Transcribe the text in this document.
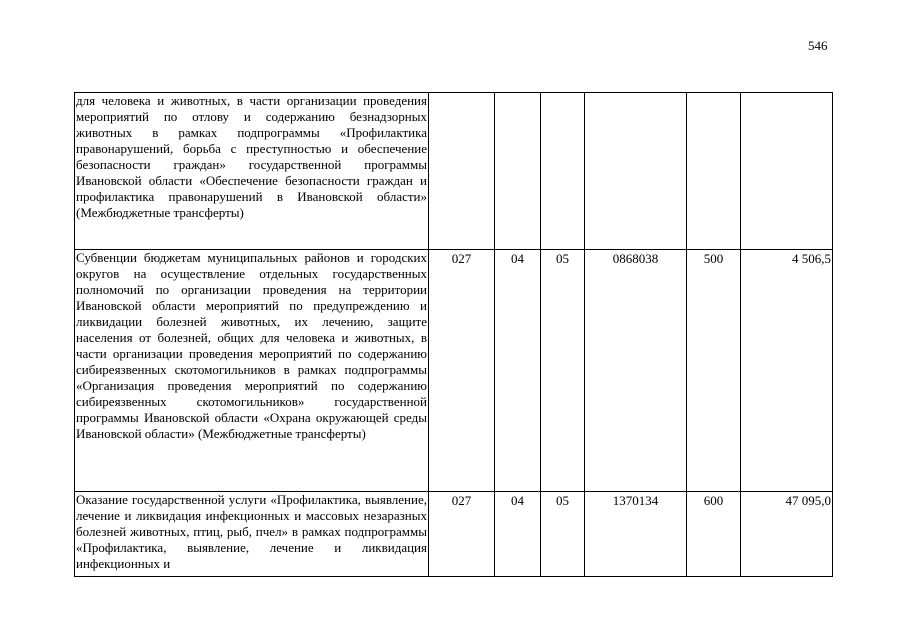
546
для человека и животных, в части организации проведения мероприятий по отлову и содержанию безнадзорных животных в рамках подпрограммы «Профилактика правонарушений, борьба с преступностью и обеспечение безопасности граждан» государственной программы Ивановской области «Обеспечение безопасности граждан и профилактика правонарушений в Ивановской области» (Межбюджетные трансферты)						
Субвенции бюджетам муниципальных районов и городских округов на осуществление отдельных государственных полномочий по организации проведения на территории Ивановской области мероприятий по предупреждению и ликвидации болезней животных, их лечению, защите населения от болезней, общих для человека и животных, в части организации проведения мероприятий по содержанию сибиреязвенных скотомогильников в рамках подпрограммы «Организация проведения мероприятий по содержанию сибиреязвенных скотомогильников» государственной программы Ивановской области «Охрана окружающей среды Ивановской области» (Межбюджетные трансферты)	027	04	05	0868038	500	4 506,5
Оказание государственной услуги «Профилактика, выявление, лечение и ликвидация инфекционных и массовых незаразных болезней животных, птиц, рыб, пчел» в рамках подпрограммы «Профилактика, выявление, лечение и ликвидация инфекционных и	027	04	05	1370134	600	47 095,0
